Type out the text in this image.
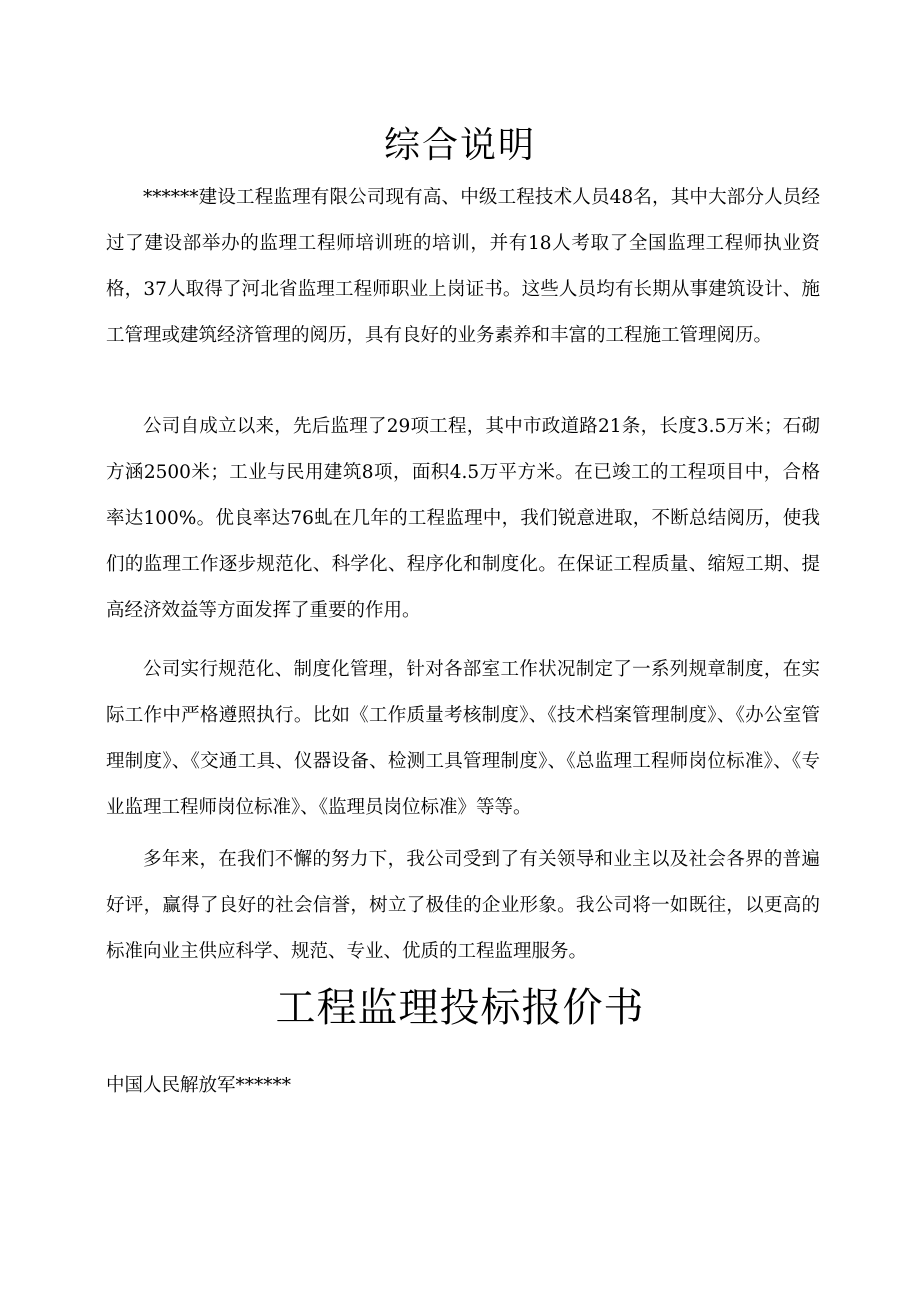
综合说明

******建设工程监理有限公司现有高、中级工程技术人员48名，其中大部分人员经过了建设部举办的监理工程师培训班的培训，并有18人考取了全国监理工程师执业资格，37人取得了河北省监理工程师职业上岗证书。这些人员均有长期从事建筑设计、施工管理或建筑经济管理的阅历，具有良好的业务素养和丰富的工程施工管理阅历。

公司自成立以来，先后监理了29项工程，其中市政道路21条，长度3.5万米；石砌方涵2500米；工业与民用建筑8项，面积4.5万平方米。在已竣工的工程项目中，合格率达100%。优良率达76虬在几年的工程监理中，我们锐意进取，不断总结阅历，使我们的监理工作逐步规范化、科学化、程序化和制度化。在保证工程质量、缩短工期、提高经济效益等方面发挥了重要的作用。

公司实行规范化、制度化管理，针对各部室工作状况制定了一系列规章制度，在实际工作中严格遵照执行。比如《工作质量考核制度》、《技术档案管理制度》、《办公室管理制度》、《交通工具、仪器设备、检测工具管理制度》、《总监理工程师岗位标准》、《专业监理工程师岗位标准》、《监理员岗位标准》等等。

多年来，在我们不懈的努力下，我公司受到了有关领导和业主以及社会各界的普遍好评，赢得了良好的社会信誉，树立了极佳的企业形象。我公司将一如既往，以更高的标准向业主供应科学、规范、专业、优质的工程监理服务。

工程监理投标报价书
中国人民解放军******
